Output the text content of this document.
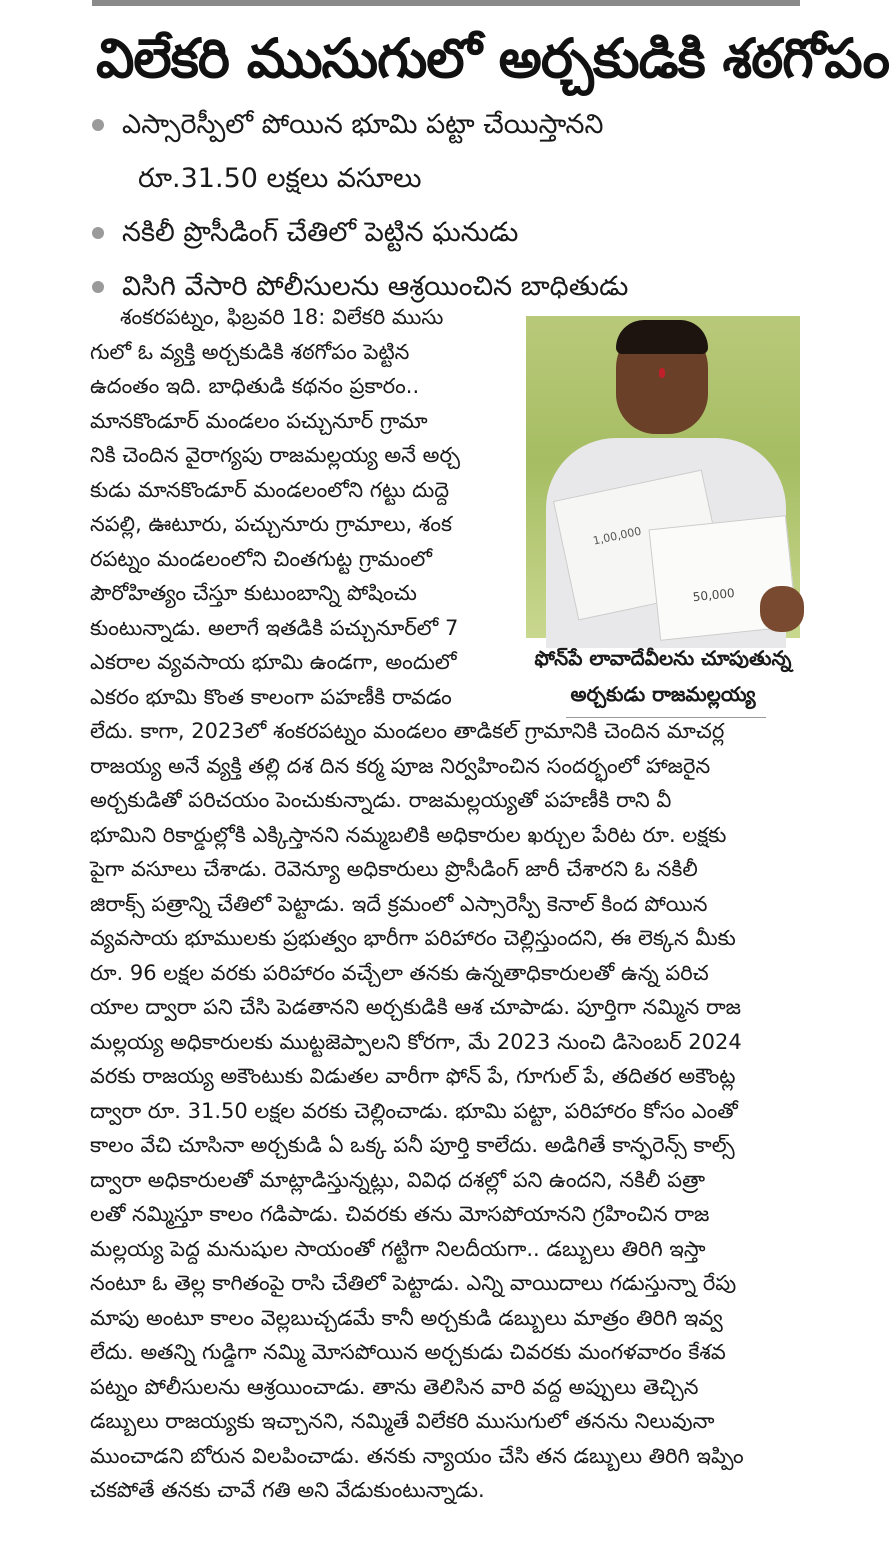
విలేకరి ముసుగులో అర్చకుడికి శఠగోపం
ఎస్సారెస్పీలో పోయిన భూమి పట్టా చేయిస్తానని
రూ.31.50 లక్షలు వసూలు
నకిలీ ప్రొసీడింగ్ చేతిలో పెట్టిన ఘనుడు
విసిగి వేసారి పోలీసులను ఆశ్రయించిన బాధితుడు
శంకరపట్నం, ఫిబ్రవరి 18: విలేకరి ముసు
గులో ఓ వ్యక్తి అర్చకుడికి శఠగోపం పెట్టిన
ఉదంతం ఇది. బాధితుడి కథనం ప్రకారం..
మానకొండూర్ మండలం పచ్చునూర్ గ్రామా
నికి చెందిన వైరాగ్యపు రాజమల్లయ్య అనే అర్చ
కుడు మానకొండూర్ మండలంలోని గట్టు దుద్దె
నపల్లి, ఊటూరు, పచ్చునూరు గ్రామాలు, శంక
రపట్నం మండలంలోని చింతగుట్ట గ్రామంలో
పౌరోహిత్యం చేస్తూ కుటుంబాన్ని పోషించు
కుంటున్నాడు. అలాగే ఇతడికి పచ్చునూర్‌లో 7
ఎకరాల వ్యవసాయ భూమి ఉండగా, అందులో
ఎకరం భూమి కొంత కాలంగా పహణీకి రావడం
1,00,000
50,000
ఫోన్‌పే లావాదేవీలను చూపుతున్న
అర్చకుడు రాజమల్లయ్య
లేదు. కాగా, 2023లో శంకరపట్నం మండలం తాడికల్ గ్రామానికి చెందిన మాచర్ల
రాజయ్య అనే వ్యక్తి తల్లి దశ దిన కర్మ పూజ నిర్వహించిన సందర్భంలో హాజరైన
అర్చకుడితో పరిచయం పెంచుకున్నాడు. రాజమల్లయ్యతో పహణీకి రాని వీ
భూమిని రికార్డుల్లోకి ఎక్కిస్తానని నమ్మబలికి అధికారుల ఖర్చుల పేరిట రూ. లక్షకు
పైగా వసూలు చేశాడు. రెవెన్యూ అధికారులు ప్రొసీడింగ్ జారీ చేశారని ఓ నకిలీ
జిరాక్స్ పత్రాన్ని చేతిలో పెట్టాడు. ఇదే క్రమంలో ఎస్సారెస్పీ కెనాల్ కింద పోయిన
వ్యవసాయ భూములకు ప్రభుత్వం భారీగా పరిహారం చెల్లిస్తుందని, ఈ లెక్కన మీకు
రూ. 96 లక్షల వరకు పరిహారం వచ్చేలా తనకు ఉన్నతాధికారులతో ఉన్న పరిచ
యాల ద్వారా పని చేసి పెడతానని అర్చకుడికి ఆశ చూపాడు. పూర్తిగా నమ్మిన రాజ
మల్లయ్య అధికారులకు ముట్టజెప్పాలని కోరగా, మే 2023 నుంచి డిసెంబర్ 2024
వరకు రాజయ్య అకౌంటుకు విడుతల వారీగా ఫోన్ పే, గూగుల్ పే, తదితర అకౌంట్ల
ద్వారా రూ. 31.50 లక్షల వరకు చెల్లించాడు. భూమి పట్టా, పరిహారం కోసం ఎంతో
కాలం వేచి చూసినా అర్చకుడి ఏ ఒక్క పనీ పూర్తి కాలేదు. అడిగితే కాన్ఫరెన్స్ కాల్స్
ద్వారా అధికారులతో మాట్లాడిస్తున్నట్లు, వివిధ దశల్లో పని ఉందని, నకిలీ పత్రా
లతో నమ్మిస్తూ కాలం గడిపాడు. చివరకు తను మోసపోయానని గ్రహించిన రాజ
మల్లయ్య పెద్ద మనుషుల సాయంతో గట్టిగా నిలదీయగా.. డబ్బులు తిరిగి ఇస్తా
నంటూ ఓ తెల్ల కాగితంపై రాసి చేతిలో పెట్టాడు. ఎన్ని వాయిదాలు గడుస్తున్నా రేపు
మాపు అంటూ కాలం వెల్లబుచ్చడమే కానీ అర్చకుడి డబ్బులు మాత్రం తిరిగి ఇవ్వ
లేదు. అతన్ని గుడ్డిగా నమ్మి మోసపోయిన అర్చకుడు చివరకు మంగళవారం కేశవ
పట్నం పోలీసులను ఆశ్రయించాడు. తాను తెలిసిన వారి వద్ద అప్పులు తెచ్చిన
డబ్బులు రాజయ్యకు ఇచ్చానని, నమ్మితే విలేకరి ముసుగులో తనను నిలువునా
ముంచాడని బోరున విలపించాడు. తనకు న్యాయం చేసి తన డబ్బులు తిరిగి ఇప్పిం
చకపోతే తనకు చావే గతి అని వేడుకుంటున్నాడు.
